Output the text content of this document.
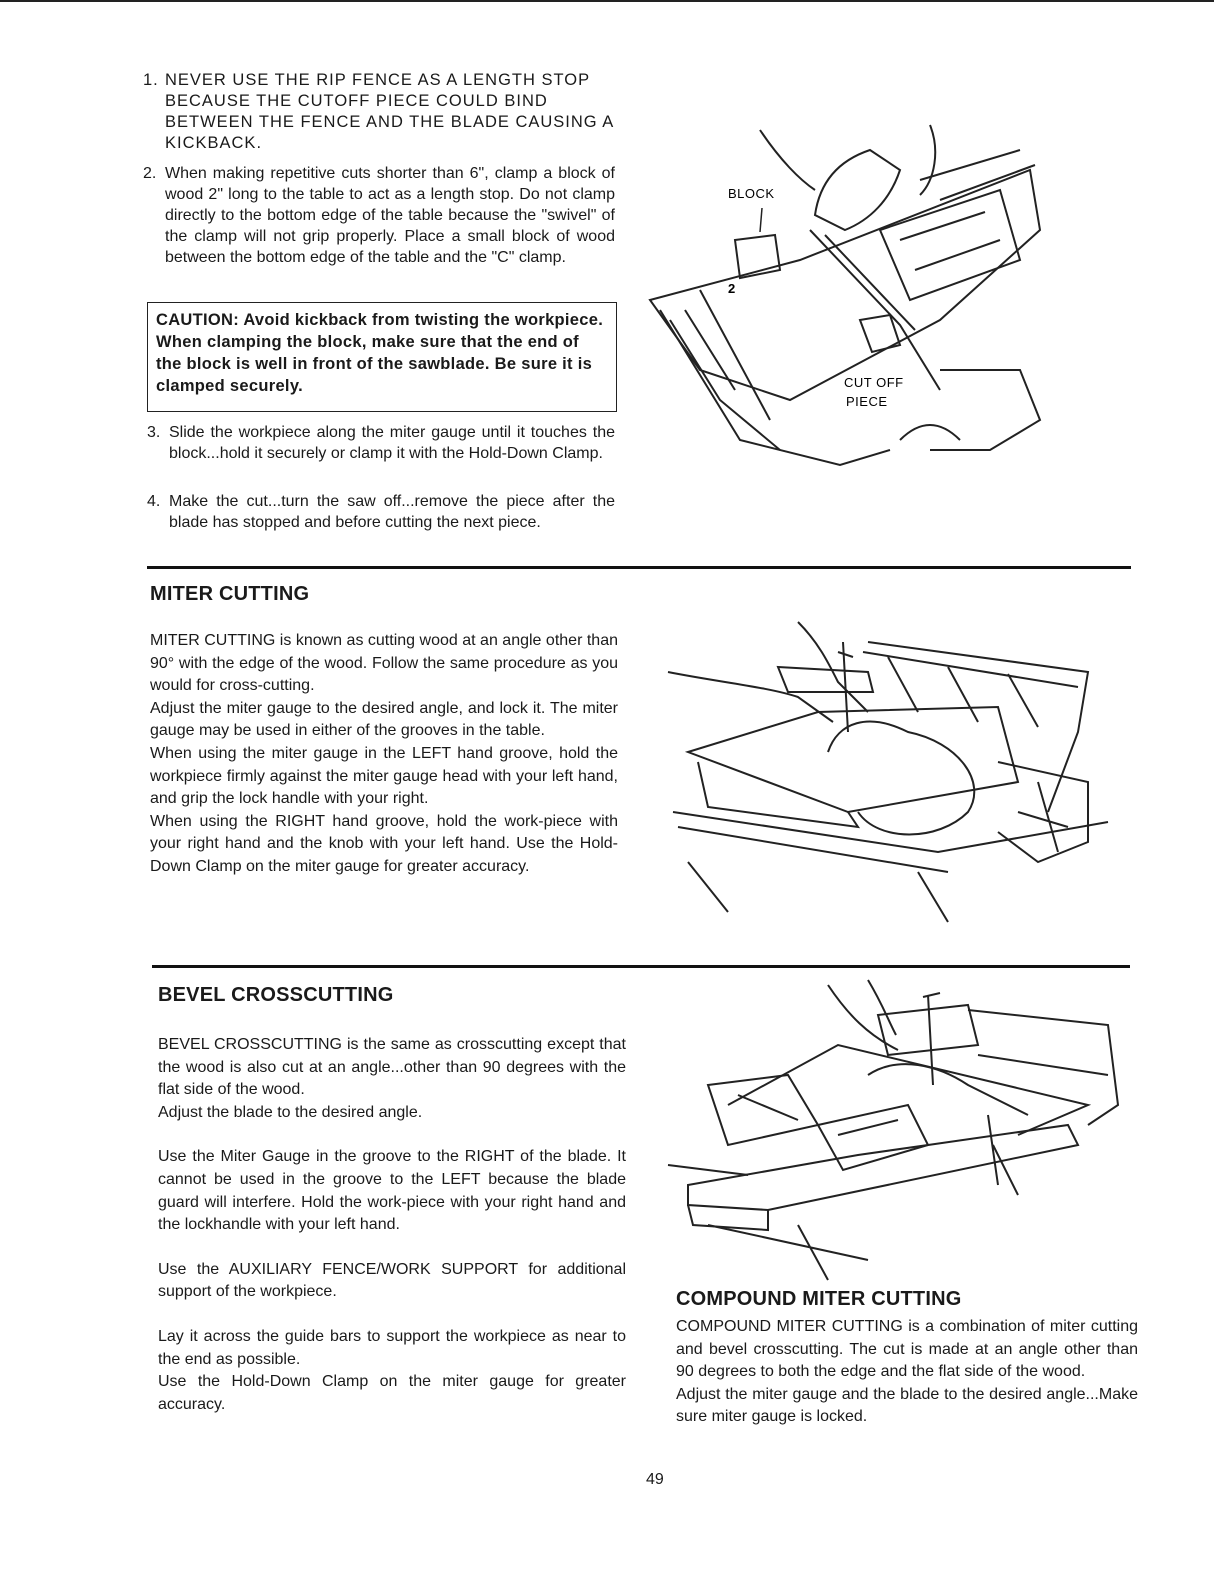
1. NEVER USE THE RIP FENCE AS A LENGTH STOP BECAUSE THE CUTOFF PIECE COULD BIND BETWEEN THE FENCE AND THE BLADE CAUSING A KICKBACK.
2. When making repetitive cuts shorter than 6", clamp a block of wood 2" long to the table to act as a length stop. Do not clamp directly to the bottom edge of the table because the "swivel" of the clamp will not grip properly. Place a small block of wood between the bottom edge of the table and the "C" clamp.
CAUTION: Avoid kickback from twisting the workpiece. When clamping the block, make sure that the end of the block is well in front of the sawblade. Be sure it is clamped securely.
3. Slide the workpiece along the miter gauge until it touches the block...hold it securely or clamp it with the Hold-Down Clamp.
4. Make the cut...turn the saw off...remove the piece after the blade has stopped and before cutting the next piece.
BLOCK
2
CUT OFF
PIECE
MITER CUTTING

MITER CUTTING is known as cutting wood at an angle other than 90° with the edge of the wood. Follow the same procedure as you would for cross-cutting.

Adjust the miter gauge to the desired angle, and lock it. The miter gauge may be used in either of the grooves in the table.

When using the miter gauge in the LEFT hand groove, hold the workpiece firmly against the miter gauge head with your left hand, and grip the lock handle with your right.

When using the RIGHT hand groove, hold the work-piece with your right hand and the knob with your left hand. Use the Hold-Down Clamp on the miter gauge for greater accuracy.

BEVEL CROSSCUTTING

BEVEL CROSSCUTTING is the same as crosscutting except that the wood is also cut at an angle...other than 90 degrees with the flat side of the wood.

Adjust the blade to the desired angle.

Use the Miter Gauge in the groove to the RIGHT of the blade. It cannot be used in the groove to the LEFT because the blade guard will interfere. Hold the work-piece with your right hand and the lockhandle with your left hand.

Use the AUXILIARY FENCE/WORK SUPPORT for additional support of the workpiece.

Lay it across the guide bars to support the workpiece as near to the end as possible.

Use the Hold-Down Clamp on the miter gauge for greater accuracy.

COMPOUND MITER CUTTING

COMPOUND MITER CUTTING is a combination of miter cutting and bevel crosscutting. The cut is made at an angle other than 90 degrees to both the edge and the flat side of the wood.

Adjust the miter gauge and the blade to the desired angle...Make sure miter gauge is locked.

49
